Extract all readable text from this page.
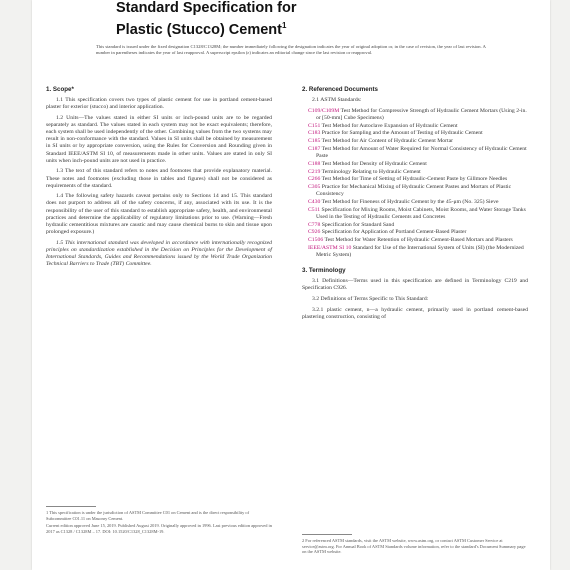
Standard Specification for
Plastic (Stucco) Cement$^1$
This standard is issued under the fixed designation C1328/C1328M; the number immediately following the designation indicates the year of original adoption or, in the case of revision, the year of last revision. A number in parentheses indicates the year of last reapproval. A superscript epsilon (ε) indicates an editorial change since the last revision or reapproval.
1. Scope*

1.1 This specification covers two types of plastic cement for use in portland cement-based plaster for exterior (stucco) and interior application.

1.2 Units—The values stated in either SI units or inch-pound units are to be regarded separately as standard. The values stated in each system may not be exact equivalents; therefore, each system shall be used independently of the other. Combining values from the two systems may result in non-conformance with the standard. Values in SI units shall be obtained by measurement in SI units or by appropriate conversion, using the Rules for Conversion and Rounding given in Standard IEEE/ASTM SI 10, of measurements made in other units. Values are stated in only SI units when inch-pound units are not used in practice.

1.3 The text of this standard refers to notes and footnotes that provide explanatory material. These notes and footnotes (excluding those in tables and figures) shall not be considered as requirements of the standard.

1.4 The following safety hazards caveat pertains only to Sections 14 and 15. This standard does not purport to address all of the safety concerns, if any, associated with its use. It is the responsibility of the user of this standard to establish appropriate safety, health, and environmental practices and determine the applicability of regulatory limitations prior to use. (Warning—Fresh hydraulic cementitious mixtures are caustic and may cause chemical burns to skin and tissue upon prolonged exposure.)

1.5 This international standard was developed in accordance with internationally recognized principles on standardization established in the Decision on Principles for the Development of International Standards, Guides and Recommendations issued by the World Trade Organization Technical Barriers to Trade (TBT) Committee.

2. Referenced Documents

2.1 ASTM Standards:

C109/C109M Test Method for Compressive Strength of Hydraulic Cement Mortars (Using 2-in. or [50-mm] Cube Specimens)
C151 Test Method for Autoclave Expansion of Hydraulic Cement
C183 Practice for Sampling and the Amount of Testing of Hydraulic Cement
C185 Test Method for Air Content of Hydraulic Cement Mortar
C187 Test Method for Amount of Water Required for Normal Consistency of Hydraulic Cement Paste
C188 Test Method for Density of Hydraulic Cement
C219 Terminology Relating to Hydraulic Cement
C266 Test Method for Time of Setting of Hydraulic-Cement Paste by Gillmore Needles
C305 Practice for Mechanical Mixing of Hydraulic Cement Pastes and Mortars of Plastic Consistency
C430 Test Method for Fineness of Hydraulic Cement by the 45-μm (No. 325) Sieve
C511 Specification for Mixing Rooms, Moist Cabinets, Moist Rooms, and Water Storage Tanks Used in the Testing of Hydraulic Cements and Concretes
C778 Specification for Standard Sand
C926 Specification for Application of Portland Cement-Based Plaster
C1506 Test Method for Water Retention of Hydraulic Cement-Based Mortars and Plasters
IEEE/ASTM SI 10 Standard for Use of the International System of Units (SI) (the Modernized Metric System)
3. Terminology

3.1 Definitions—Terms used in this specification are defined in Terminology C219 and Specification C926.

3.2 Definitions of Terms Specific to This Standard:

3.2.1 plastic cement, n—a hydraulic cement, primarily used in portland cement-based plastering construction, consisting of

1 This specification is under the jurisdiction of ASTM Committee C01 on Cement and is the direct responsibility of Subcommittee C01.11 on Masonry Cement.
Current edition approved June 15, 2019. Published August 2019. Originally approved in 1996. Last previous edition approved in 2017 as C1328 / C1328M – 17. DOI: 10.1520/C1328_C1328M-19.
2 For referenced ASTM standards, visit the ASTM website, www.astm.org, or contact ASTM Customer Service at service@astm.org. For Annual Book of ASTM Standards volume information, refer to the standard's Document Summary page on the ASTM website.
